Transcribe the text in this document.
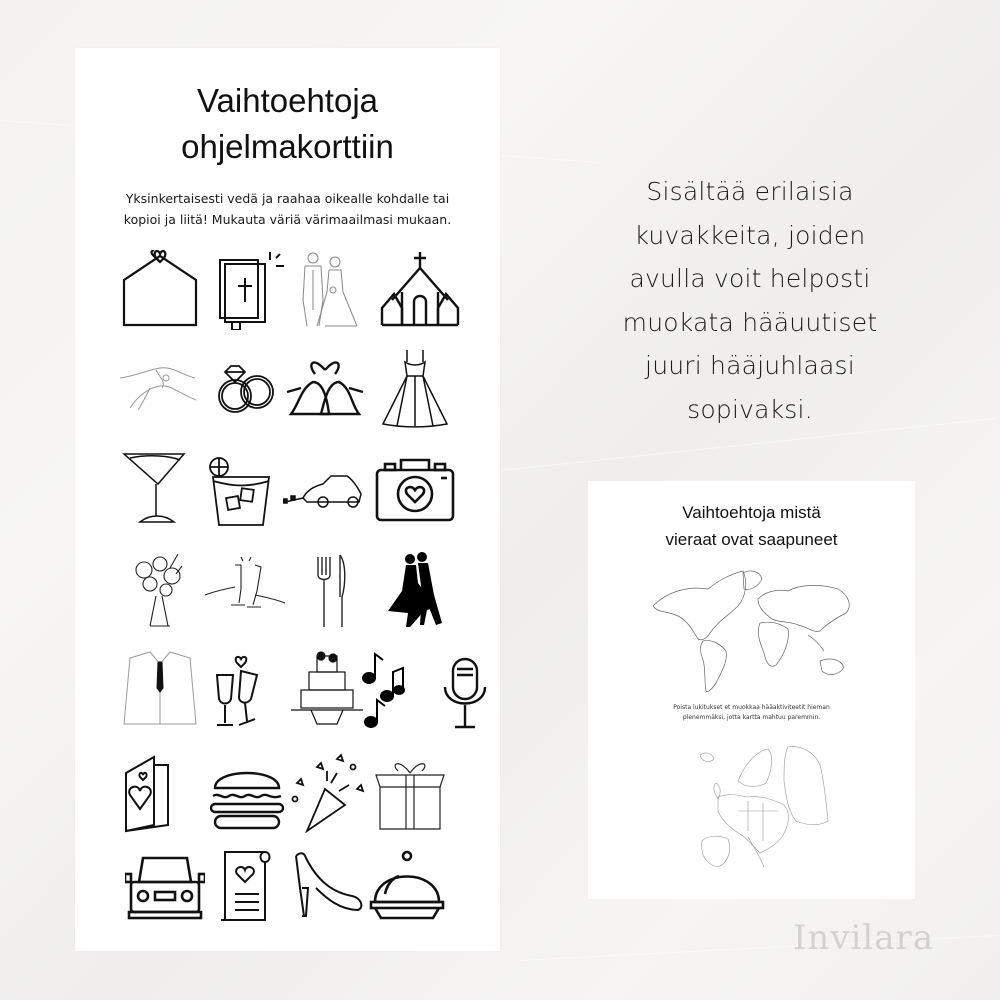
Vaihtoehtoja
ohjelmakorttiin
Yksinkertaisesti vedä ja raahaa oikealle kohdalle tai
kopioi ja liitä! Mukauta väriä värimaailmasi mukaan.
Sisältää erilaisia
kuvakkeita, joiden
avulla voit helposti
muokata hääuutiset
juuri hääjuhlaasi
sopivaksi.
Vaihtoehtoja mistä
vieraat ovat saapuneet
Poista lukitukset et muokkaa hääaktiviteetit hieman
pienemmäksi, jotta kartta mahtuu paremmin.
Invilara
